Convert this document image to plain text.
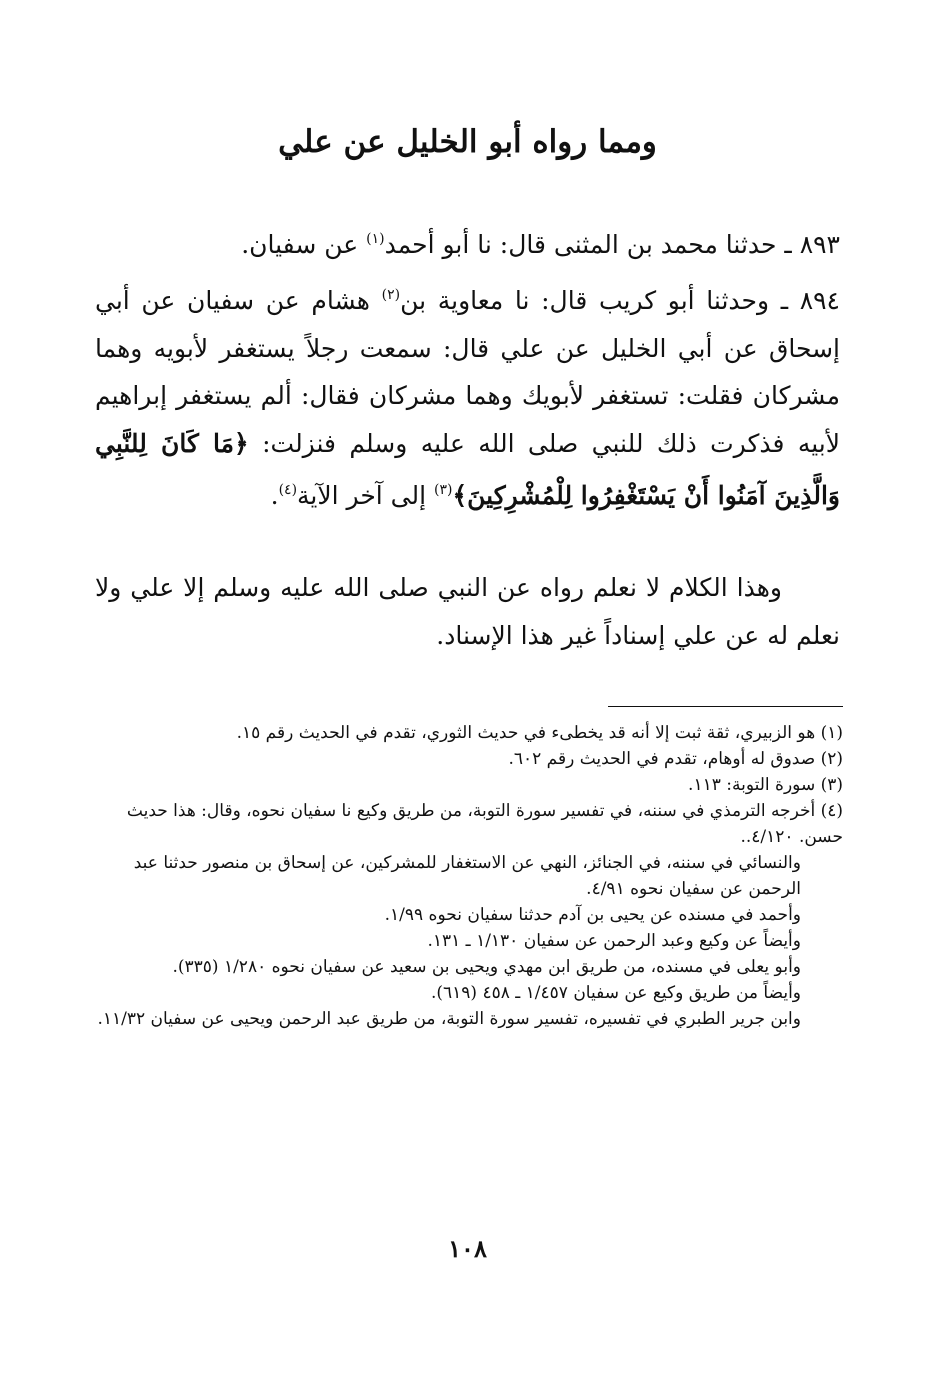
ومما رواه أبو الخليل عن علي
٨٩٣ ـ حدثنا محمد بن المثنى قال: نا أبو أحمد$^{(١)}$ عن سفيان.
٨٩٤ ـ وحدثنا أبو كريب قال: نا معاوية بن$^{(٢)}$ هشام عن سفيان عن أبي إسحاق عن أبي الخليل عن علي قال: سمعت رجلاً يستغفر لأبويه وهما مشركان فقلت: تستغفر لأبويك وهما مشركان فقال: ألم يستغفر إبراهيم لأبيه فذكرت ذلك للنبي صلى الله عليه وسلم فنزلت: ﴿مَا كَانَ لِلنَّبِي وَالَّذِينَ آمَنُوا أَنْ يَسْتَغْفِرُوا لِلْمُشْرِكِينَ﴾$^{(٣)}$ إلى آخر الآية$^{(٤)}$.
وهذا الكلام لا نعلم رواه عن النبي صلى الله عليه وسلم إلا علي ولا نعلم له عن علي إسناداً غير هذا الإسناد.

(١) هو الزبيري، ثقة ثبت إلا أنه قد يخطىء في حديث الثوري، تقدم في الحديث رقم ١٥.

(٢) صدوق له أوهام، تقدم في الحديث رقم ٦٠٢.

(٣) سورة التوبة: ١١٣.

(٤) أخرجه الترمذي في سننه، في تفسير سورة التوبة، من طريق وكيع نا سفيان نحوه، وقال: هذا حديث حسن. ٤/١٢٠..

والنسائي في سننه، في الجنائز، النهي عن الاستغفار للمشركين، عن إسحاق بن منصور حدثنا عبد الرحمن عن سفيان نحوه ٤/٩١.

وأحمد في مسنده عن يحيى بن آدم حدثنا سفيان نحوه ١/٩٩.

وأيضاً عن وكيع وعبد الرحمن عن سفيان ١/١٣٠ ـ ١٣١.

وأبو يعلى في مسنده، من طريق ابن مهدي ويحيى بن سعيد عن سفيان نحوه ١/٢٨٠ (٣٣٥).

وأيضاً من طريق وكيع عن سفيان ١/٤٥٧ ـ ٤٥٨ (٦١٩).

وابن جرير الطبري في تفسيره، تفسير سورة التوبة، من طريق عبد الرحمن ويحيى عن سفيان ١١/٣٢.

١٠٨
